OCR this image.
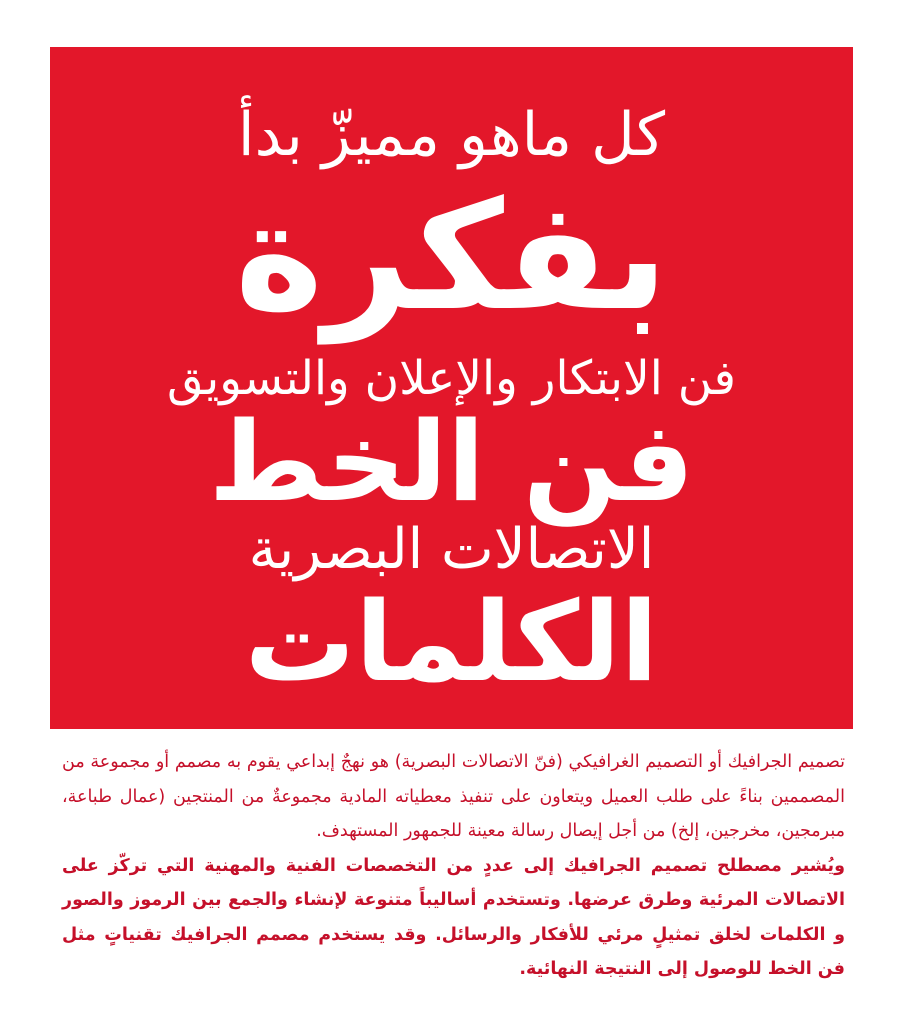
كل ماهو مميزّ بدأ
بفكرة
فن الابتكار والإعلان والتسويق
فن الخط
الاتصالات البصرية
الكلمات

تصميم الجرافيك أو التصميم الغرافيكي (فنّ الاتصالات البصرية) هو نهجٌ إبداعي يقوم به مصمم أو مجموعة من المصممين بناءً على طلب العميل ويتعاون على تنفيذ معطياته المادية مجموعةٌ من المنتجين (عمال طباعة، مبرمجين، مخرجين، إلخ) من أجل إيصال رسالة معينة للجمهور المستهدف.

ويُشير مصطلح تصميم الجرافيك إلى عددٍ من التخصصات الفنية والمهنية التي تركّز على الاتصالات المرئية وطرق عرضها. وتستخدم أساليباً متنوعة لإنشاء والجمع بين الرموز والصور و الكلمات لخلق تمثيلٍ مرئي للأفكار والرسائل. وقد يستخدم مصمم الجرافيك تقنياتٍ مثل فن الخط للوصول إلى النتيجة النهائية.
